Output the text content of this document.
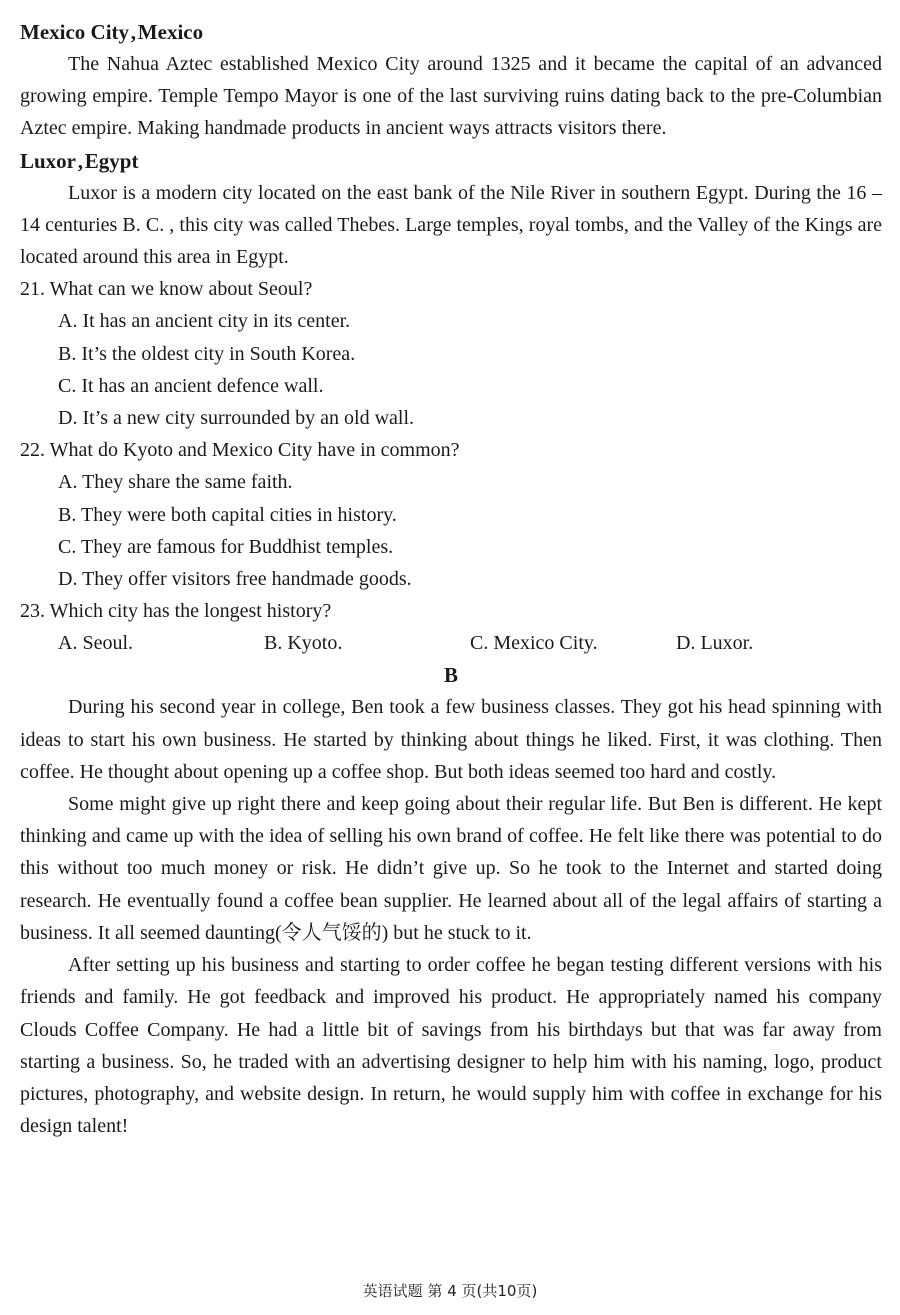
Mexico City , Mexico

The Nahua Aztec established Mexico City around 1325 and it became the capital of an advanced growing empire. Temple Tempo Mayor is one of the last surviving ruins dating back to the pre-Columbian Aztec empire. Making handmade products in ancient ways attracts visitors there.

Luxor , Egypt

Luxor is a modern city located on the east bank of the Nile River in southern Egypt. During the 16 – 14 centuries B. C. , this city was called Thebes. Large temples, royal tombs, and the Valley of the Kings are located around this area in Egypt.

21. What can we know about Seoul?
A. It has an ancient city in its center.
B. It’s the oldest city in South Korea.
C. It has an ancient defence wall.
D. It’s a new city surrounded by an old wall.
22. What do Kyoto and Mexico City have in common?
A. They share the same faith.
B. They were both capital cities in history.
C. They are famous for Buddhist temples.
D. They offer visitors free handmade goods.
23. Which city has the longest history?
A. Seoul.	B. Kyoto.	C. Mexico City.	D. Luxor.
B

During his second year in college, Ben took a few business classes. They got his head spinning with ideas to start his own business. He started by thinking about things he liked. First, it was clothing. Then coffee. He thought about opening up a coffee shop. But both ideas seemed too hard and costly.

Some might give up right there and keep going about their regular life. But Ben is different. He kept thinking and came up with the idea of selling his own brand of coffee. He felt like there was potential to do this without too much money or risk. He didn’t give up. So he took to the Internet and started doing research. He eventually found a coffee bean supplier. He learned about all of the legal affairs of starting a business. It all seemed daunting(令人气馁的) but he stuck to it.

After setting up his business and starting to order coffee he began testing different versions with his friends and family. He got feedback and improved his product. He appropriately named his company Clouds Coffee Company. He had a little bit of savings from his birthdays but that was far away from starting a business. So, he traded with an advertising designer to help him with his naming, logo, product pictures, photography, and website design. In return, he would supply him with coffee in exchange for his design talent!

英语试题 第 4 页(共10页)
